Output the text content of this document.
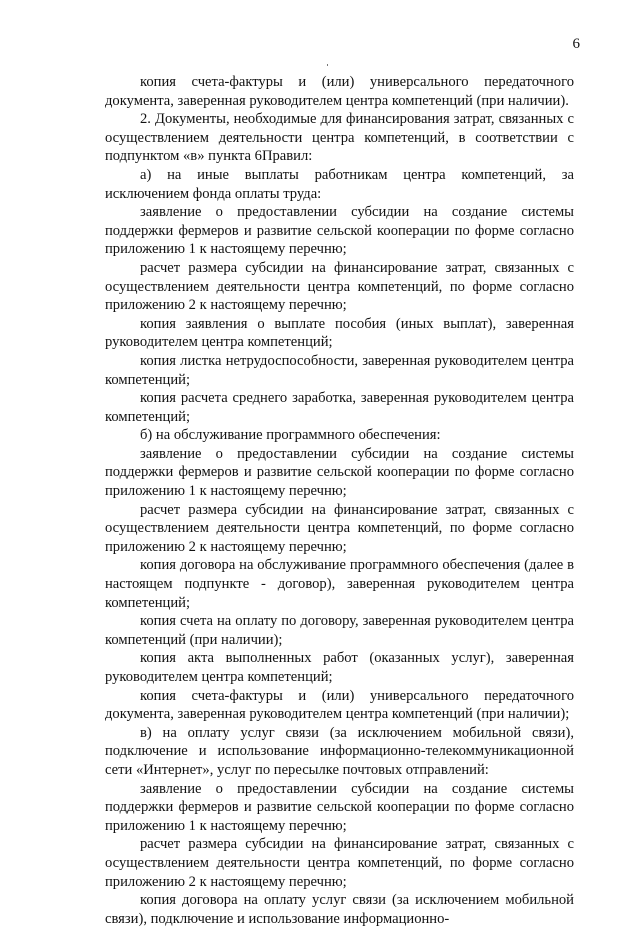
6

копия счета-фактуры и (или) универсального передаточного документа, заверенная руководителем центра компетенций (при наличии).

2. Документы, необходимые для финансирования затрат, связанных с осуществлением деятельности центра компетенций, в соответствии с подпунктом «в» пункта 6Правил:

а) на иные выплаты работникам центра компетенций, за исключением фонда оплаты труда:

заявление о предоставлении субсидии на создание системы поддержки фермеров и развитие сельской кооперации по форме согласно приложению 1 к настоящему перечню;

расчет размера субсидии на финансирование затрат, связанных с осуществлением деятельности центра компетенций, по форме согласно приложению 2 к настоящему перечню;

копия заявления о выплате пособия (иных выплат), заверенная руководителем центра компетенций;

копия листка нетрудоспособности, заверенная руководителем центра компетенций;

копия расчета среднего заработка, заверенная руководителем центра компетенций;

б) на обслуживание программного обеспечения:

заявление о предоставлении субсидии на создание системы поддержки фермеров и развитие сельской кооперации по форме согласно приложению 1 к настоящему перечню;

расчет размера субсидии на финансирование затрат, связанных с осуществлением деятельности центра компетенций, по форме согласно приложению 2 к настоящему перечню;

копия договора на обслуживание программного обеспечения (далее в настоящем подпункте - договор), заверенная руководителем центра компетенций;

копия счета на оплату по договору, заверенная руководителем центра компетенций (при наличии);

копия акта выполненных работ (оказанных услуг), заверенная руководителем центра компетенций;

копия счета-фактуры и (или) универсального передаточного документа, заверенная руководителем центра компетенций (при наличии);

в) на оплату услуг связи (за исключением мобильной связи), подключение и использование информационно-телекоммуникационной сети «Интернет», услуг по пересылке почтовых отправлений:

заявление о предоставлении субсидии на создание системы поддержки фермеров и развитие сельской кооперации по форме согласно приложению 1 к настоящему перечню;

расчет размера субсидии на финансирование затрат, связанных с осуществлением деятельности центра компетенций, по форме согласно приложению 2 к настоящему перечню;

копия договора на оплату услуг связи (за исключением мобильной связи), подключение и использование информационно-
